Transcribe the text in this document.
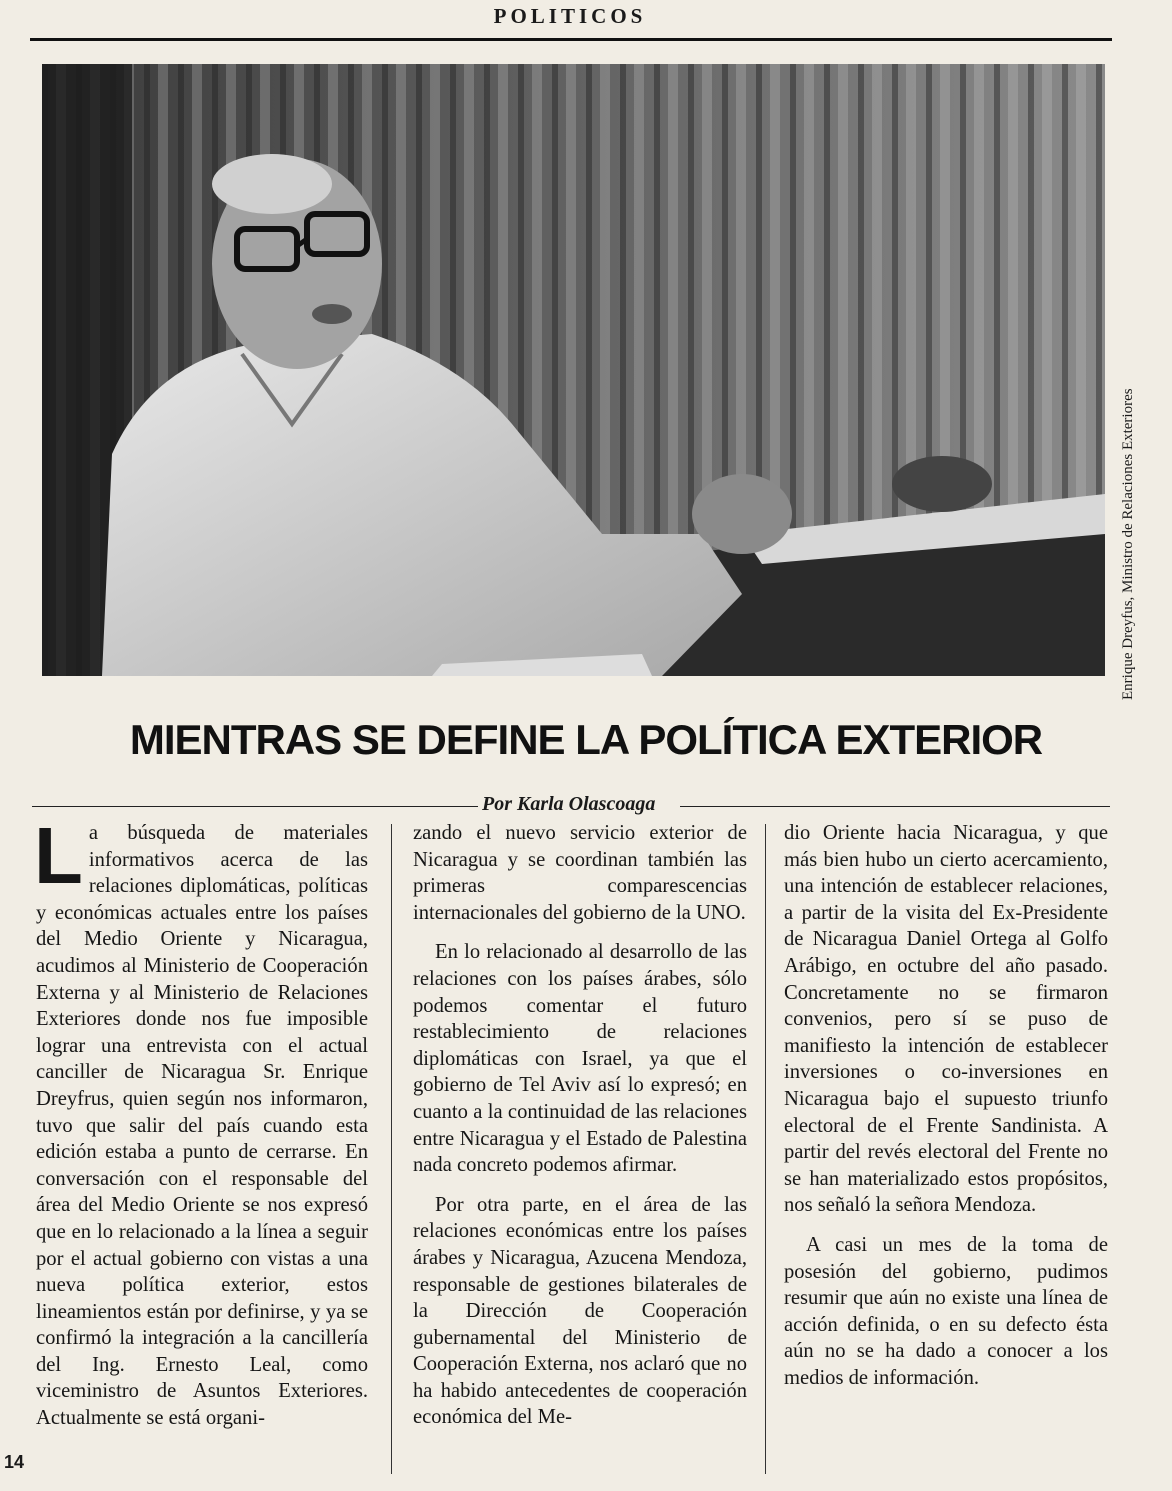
POLITICOS
Enrique Dreyfus, Ministro de Relaciones Exteriores
MIENTRAS SE DEFINE LA POLÍTICA EXTERIOR
Por Karla Olascoaga

La búsqueda de materiales informativos acerca de las relaciones diplomáticas, políticas y económicas actuales entre los países del Medio Oriente y Nicaragua, acudimos al Ministerio de Cooperación Externa y al Ministerio de Relaciones Exteriores donde nos fue imposible lograr una entrevista con el actual canciller de Nicaragua Sr. Enrique Dreyfrus, quien según nos informaron, tuvo que salir del país cuando esta edición estaba a punto de cerrarse. En conversación con el responsable del área del Medio Oriente se nos expresó que en lo relacionado a la línea a seguir por el actual gobierno con vistas a una nueva política exterior, estos lineamientos están por definirse, y ya se confirmó la integración a la cancillería del Ing. Ernesto Leal, como viceministro de Asuntos Exteriores. Actualmente se está organi-

zando el nuevo servicio exterior de Nicaragua y se coordinan también las primeras comparescencias internacionales del gobierno de la UNO.

En lo relacionado al desarrollo de las relaciones con los países árabes, sólo podemos comentar el futuro restablecimiento de relaciones diplomáticas con Israel, ya que el gobierno de Tel Aviv así lo expresó; en cuanto a la continuidad de las relaciones entre Nicaragua y el Estado de Palestina nada concreto podemos afirmar.

Por otra parte, en el área de las relaciones económicas entre los países árabes y Nicaragua, Azucena Mendoza, responsable de gestiones bilaterales de la Dirección de Cooperación gubernamental del Ministerio de Cooperación Externa, nos aclaró que no ha habido antecedentes de cooperación económica del Me-

dio Oriente hacia Nicaragua, y que más bien hubo un cierto acercamiento, una intención de establecer relaciones, a partir de la visita del Ex-Presidente de Nicaragua Daniel Ortega al Golfo Arábigo, en octubre del año pasado. Concretamente no se firmaron convenios, pero sí se puso de manifiesto la intención de establecer inversiones o co-inversiones en Nicaragua bajo el supuesto triunfo electoral de el Frente Sandinista. A partir del revés electoral del Frente no se han materializado estos propósitos, nos señaló la señora Mendoza.

A casi un mes de la toma de posesión del gobierno, pudimos resumir que aún no existe una línea de acción definida, o en su defecto ésta aún no se ha dado a conocer a los medios de información.

14
